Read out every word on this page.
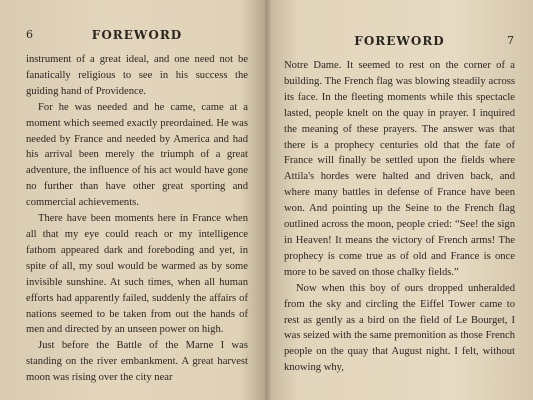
6	FOREWORD

instrument of a great ideal, and one need not be fanatically religious to see in his success the guiding hand of Providence.

For he was needed and he came, came at a moment which seemed exactly preordained. He was needed by France and needed by America and had his arrival been merely the triumph of a great adventure, the influence of his act would have gone no further than have other great sporting and commercial achievements.

There have been moments here in France when all that my eye could reach or my intelligence fathom appeared dark and foreboding and yet, in spite of all, my soul would be warmed as by some invisible sunshine. At such times, when all human efforts had apparently failed, suddenly the affairs of nations seemed to be taken from out the hands of men and directed by an unseen power on high.

Just before the Battle of the Marne I was standing on the river embankment. A great harvest moon was rising over the city near

FOREWORD	7

Notre Dame. It seemed to rest on the corner of a building. The French flag was blowing steadily across its face. In the fleeting moments while this spectacle lasted, people knelt on the quay in prayer. I inquired the meaning of these prayers. The answer was that there is a prophecy centuries old that the fate of France will finally be settled upon the fields where Attila's hordes were halted and driven back, and where many battles in defense of France have been won. And pointing up the Seine to the French flag outlined across the moon, people cried: “See! the sign in Heaven! It means the victory of French arms! The prophecy is come true as of old and France is once more to be saved on those chalky fields.”

Now when this boy of ours dropped unheralded from the sky and circling the Eiffel Tower came to rest as gently as a bird on the field of Le Bourget, I was seized with the same premonition as those French people on the quay that August night. I felt, without knowing why,
